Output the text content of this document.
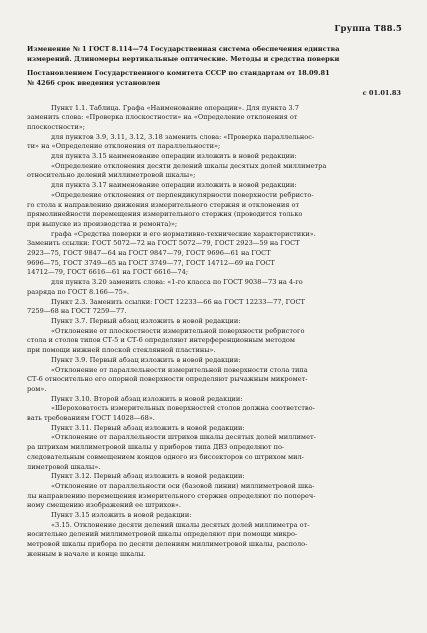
Группа Т88.5

Изменение № 1 ГОСТ 8.114—74 Государственная система обеспечения единства

измерений. Длиномеры вертикальные оптические. Методы и средства поверки

Постановлением Государственного комитета СССР по стандартам от 18.09.81

№ 4266 срок введения установлен

с 01.01.83

Пункт 1.1. Таблица. Графа «Наименование операции». Для пункта 3.7

заменить слова: «Проверка плоскостности» на «Определение отклонения от

плоскостности»;

для пунктов 3.9, 3.11, 3.12, 3.18 заменить слова: «Проверка параллельнос-

ти» на «Определение отклонения от параллельности»;

для пункта 3.15 наименование операции изложить в новой редакции:

«Определение отклонения десяти делений шкалы десятых долей миллиметра

относительно делений миллиметровой шкалы»;

для пункта 3.17 наименование операции изложить в новой редакции:

«Определение отклонения от перпендикулярности поверхности ребристо-

го стола к направлению движения измерительного стержня и отклонения от

прямолинейности перемещения измерительного стержня (проводится только

при выпуске из производства и ремонта)»;

графа «Средства поверки и его нормативно-технические характеристики».

Заменить ссылки: ГОСТ 5072—72 на ГОСТ 5072—79, ГОСТ 2923—59 на ГОСТ

2923—75, ГОСТ 9847—64 на ГОСТ 9847—79, ГОСТ 9696—61 на ГОСТ

9696—75, ГОСТ 3749—65 на ГОСТ 3749—77, ГОСТ 14712—69 на ГОСТ

14712—79, ГОСТ 6616—61 на ГОСТ 6616—74;

для пункта 3.20 заменить слова: «1-го класса по ГОСТ 9038—73 на 4-го

разряда по ГОСТ 8.166—75».

Пункт 2.3. Заменить ссылки: ГОСТ 12233—66 на ГОСТ 12233—77, ГОСТ

7259—68 на ГОСТ 7259—77.

Пункт 3.7. Первый абзац изложить в новой редакции:

«Отклонение от плоскостности измерительной поверхности ребристого

стола и столов типов СТ-5 и СТ-6 определяют интерференционным методом

при помощи нижней плоской стеклянной пластины».

Пункт 3.9. Первый абзац изложить в новой редакции:

«Отклонение от параллельности измерительной поверхности стола типа

СТ-6 относительно его опорной поверхности определяют рычажным микромет-

ром».

Пункт 3.10. Второй абзац изложить в новой редакции:

«Шероховатость измерительных поверхностей столов должна соответство-

вать требованиям ГОСТ 14028—68».

Пункт 3.11. Первый абзац изложить в новой редакции:

«Отклонение от параллельности штрихов шкалы десятых долей миллимет-

ра штрихам миллиметровой шкалы у приборов типа ДВЗ определяют по-

следовательным совмещением концов одного из биссекторов со штрихом мил-

лиметровой шкалы».

Пункт 3.12. Первый абзац изложить в новой редакции:

«Отклонение от параллельности оси (базовой линии) миллиметровой шка-

лы направлению перемещения измерительного стержня определяют по попереч-

ному смещению изображений ее штрихов».

Пункт 3.15 изложить в новой редакции:

«3.15. Отклонение десяти делений шкалы десятых долей миллиметра от-

носительно делений миллиметровой шкалы определяют при помощи микро-

метровой шкалы прибора по десяти делениям миллиметровой шкалы, располо-

женным в начале и конце шкалы.
